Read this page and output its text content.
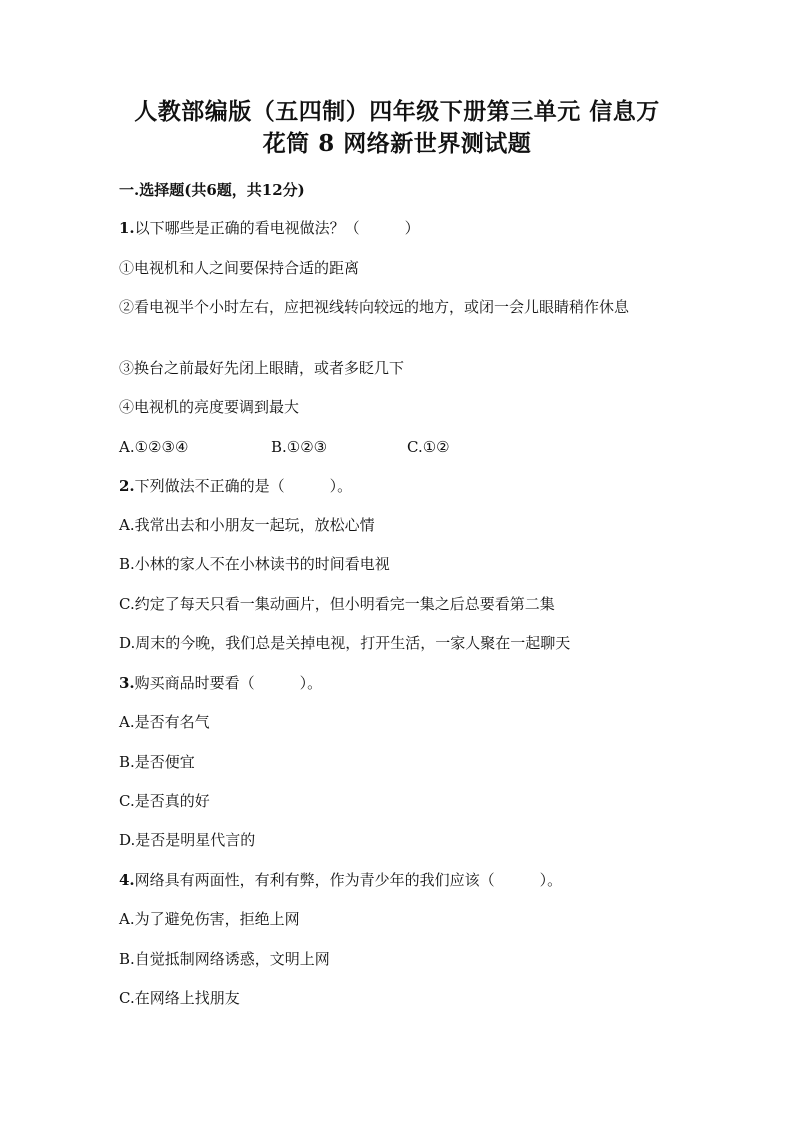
人教部编版（五四制）四年级下册第三单元 信息万
花筒 8 网络新世界测试题
一.选择题(共6题，共12分)
1.以下哪些是正确的看电视做法？（　　　）
①电视机和人之间要保持合适的距离
②看电视半个小时左右，应把视线转向较远的地方，或闭一会儿眼睛稍作休息
③换台之前最好先闭上眼睛，或者多眨几下
④电视机的亮度要调到最大
A.①②③④	B.①②③	C.①②
2.下列做法不正确的是（　　　）。
A.我常出去和小朋友一起玩，放松心情
B.小林的家人不在小林读书的时间看电视
C.约定了每天只看一集动画片，但小明看完一集之后总要看第二集
D.周末的今晚，我们总是关掉电视，打开生活，一家人聚在一起聊天
3.购买商品时要看（　　　）。
A.是否有名气
B.是否便宜
C.是否真的好
D.是否是明星代言的
4.网络具有两面性，有利有弊，作为青少年的我们应该（　　　）。
A.为了避免伤害，拒绝上网
B.自觉抵制网络诱惑，文明上网
C.在网络上找朋友
